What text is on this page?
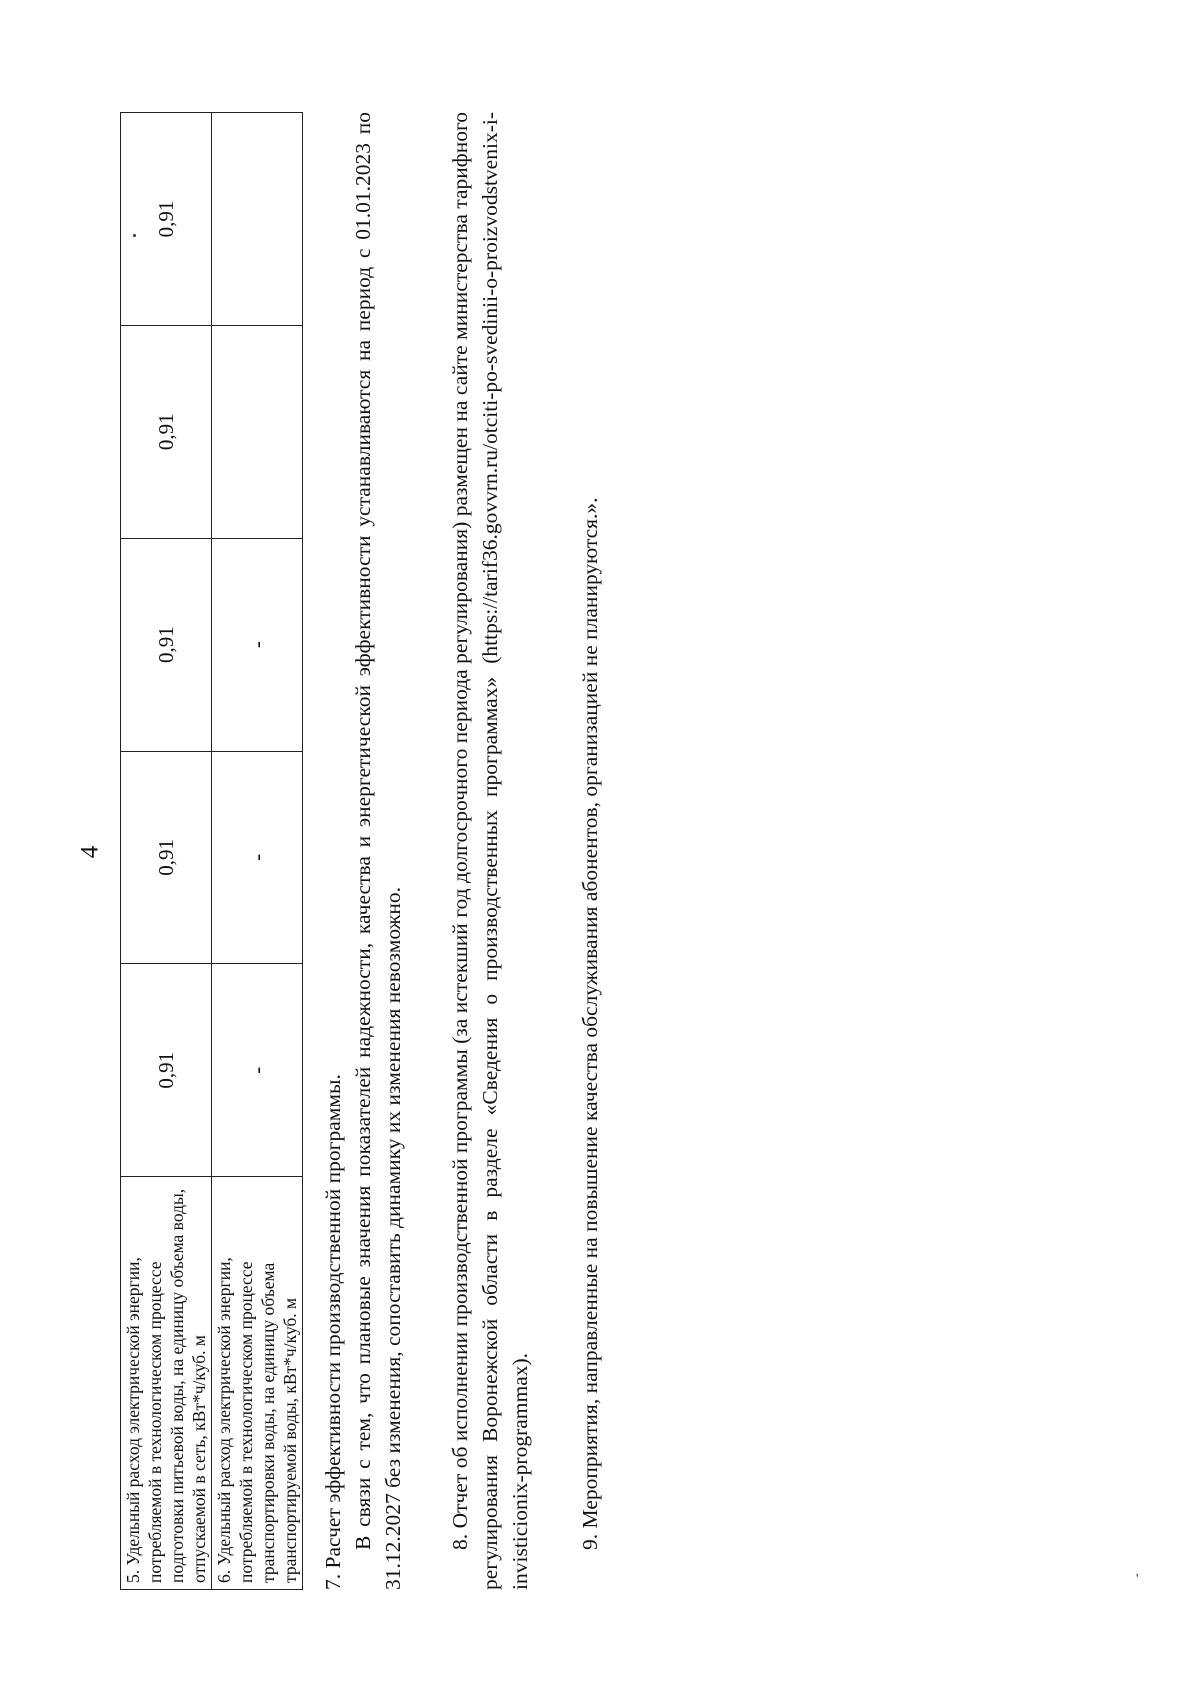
4
5. Удельный расход электрической энергии, потребляемой в технологическом процессе подготовки питьевой воды, на единицу объема воды, отпускаемой в сеть, кВт*ч/куб. м	0,91	0,91	0,91	0,91	0,91
6. Удельный расход электрической энергии, потребляемой в технологическом процессе транспортировки воды, на единицу объема транспортируемой воды, кВт*ч/куб. м	-	-	-		

7. Расчет эффективности производственной программы. В связи с тем, что плановые значения показателей надежности, качества и энергетической эффективности устанавливаются на период с 01.01.2023 по 31.12.2027 без изменения, сопоставить динамику их изменения невозможно. 8. Отчет об исполнении производственной программы (за истекший год долгосрочного периода регулирования) размещен на сайте министерства тарифного регулирования Воронежской области в разделе «Сведения о производственных программах» (https://tarif36.govvrn.ru/otciti-po-svedinii-o-proizvodstvenix-i-invisticionix-programmax). 9. Мероприятия, направленные на повышение качества обслуживания абонентов, организацией не планируются.».

'
